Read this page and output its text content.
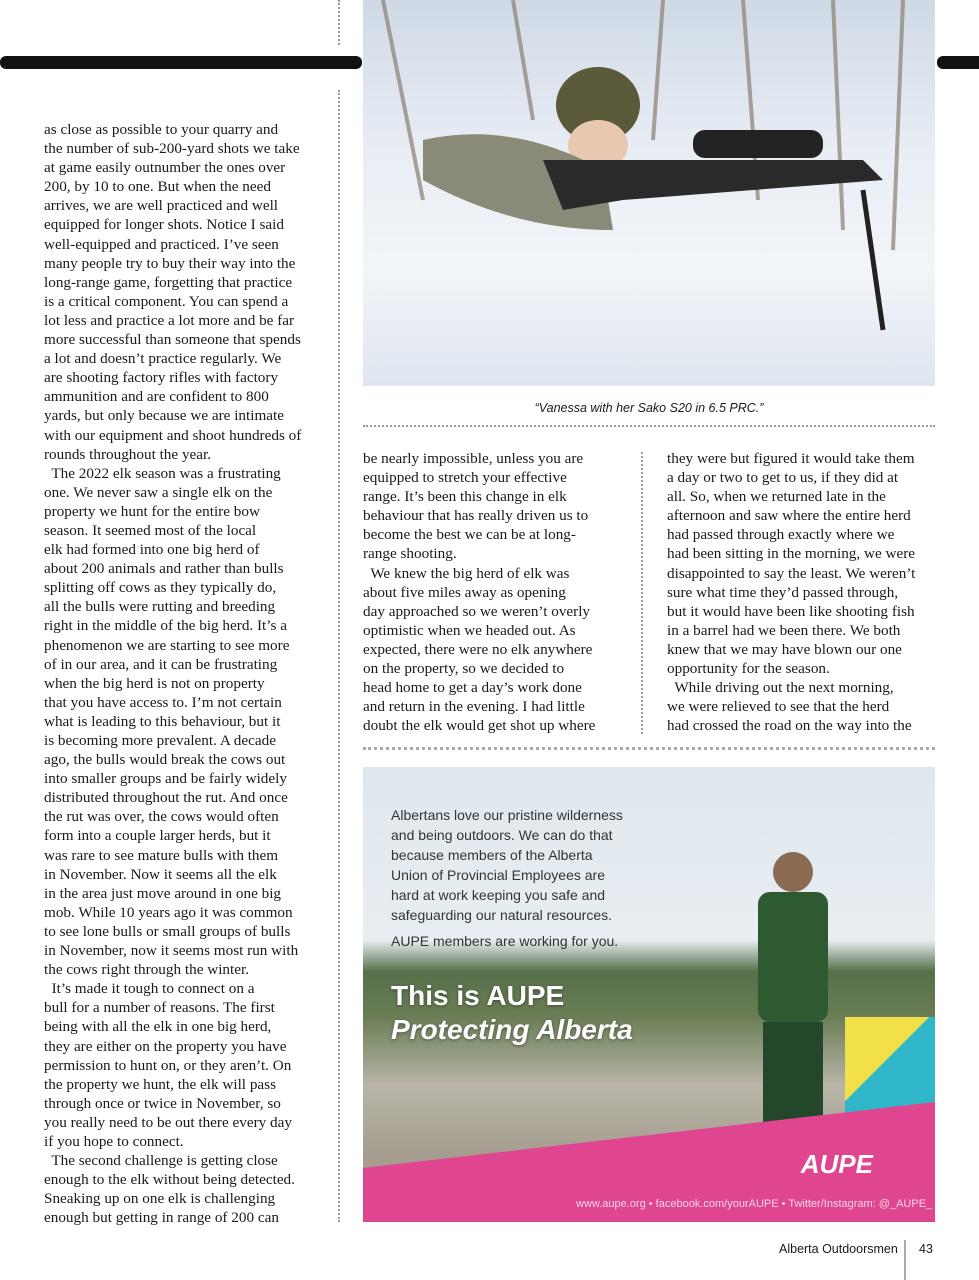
as close as possible to your quarry and
the number of sub-200-yard shots we take
at game easily outnumber the ones over
200, by 10 to one. But when the need
arrives, we are well practiced and well
equipped for longer shots. Notice I said
well-equipped and practiced. I’ve seen
many people try to buy their way into the
long-range game, forgetting that practice
is a critical component. You can spend a
lot less and practice a lot more and be far
more successful than someone that spends
a lot and doesn’t practice regularly. We
are shooting factory rifles with factory
ammunition and are confident to 800
yards, but only because we are intimate
with our equipment and shoot hundreds of
rounds throughout the year.
The 2022 elk season was a frustrating
one. We never saw a single elk on the
property we hunt for the entire bow
season. It seemed most of the local
elk had formed into one big herd of
about 200 animals and rather than bulls
splitting off cows as they typically do,
all the bulls were rutting and breeding
right in the middle of the big herd. It’s a
phenomenon we are starting to see more
of in our area, and it can be frustrating
when the big herd is not on property
that you have access to. I’m not certain
what is leading to this behaviour, but it
is becoming more prevalent. A decade
ago, the bulls would break the cows out
into smaller groups and be fairly widely
distributed throughout the rut. And once
the rut was over, the cows would often
form into a couple larger herds, but it
was rare to see mature bulls with them
in November. Now it seems all the elk
in the area just move around in one big
mob. While 10 years ago it was common
to see lone bulls or small groups of bulls
in November, now it seems most run with
the cows right through the winter.
It’s made it tough to connect on a
bull for a number of reasons. The first
being with all the elk in one big herd,
they are either on the property you have
permission to hunt on, or they aren’t. On
the property we hunt, the elk will pass
through once or twice in November, so
you really need to be out there every day
if you hope to connect.
The second challenge is getting close
enough to the elk without being detected.
Sneaking up on one elk is challenging
enough but getting in range of 200 can
“Vanessa with her Sako S20 in 6.5 PRC.”
be nearly impossible, unless you are
equipped to stretch your effective
range. It’s been this change in elk
behaviour that has really driven us to
become the best we can be at long-
range shooting.
We knew the big herd of elk was
about five miles away as opening
day approached so we weren’t overly
optimistic when we headed out. As
expected, there were no elk anywhere
on the property, so we decided to
head home to get a day’s work done
and return in the evening. I had little
doubt the elk would get shot up where
they were but figured it would take them
a day or two to get to us, if they did at
all. So, when we returned late in the
afternoon and saw where the entire herd
had passed through exactly where we
had been sitting in the morning, we were
disappointed to say the least. We weren’t
sure what time they’d passed through,
but it would have been like shooting fish
in a barrel had we been there. We both
knew that we may have blown our one
opportunity for the season.
While driving out the next morning,
we were relieved to see that the herd
had crossed the road on the way into the
Albertans love our pristine wilderness
and being outdoors. We can do that
because members of the Alberta
Union of Provincial Employees are
hard at work keeping you safe and
safeguarding our natural resources.
AUPE members are working for you.
This is AUPE
Protecting Alberta
AUPE
www.aupe.org • facebook.com/yourAUPE • Twitter/Instagram: @_AUPE_
Alberta Outdoorsmen 43
